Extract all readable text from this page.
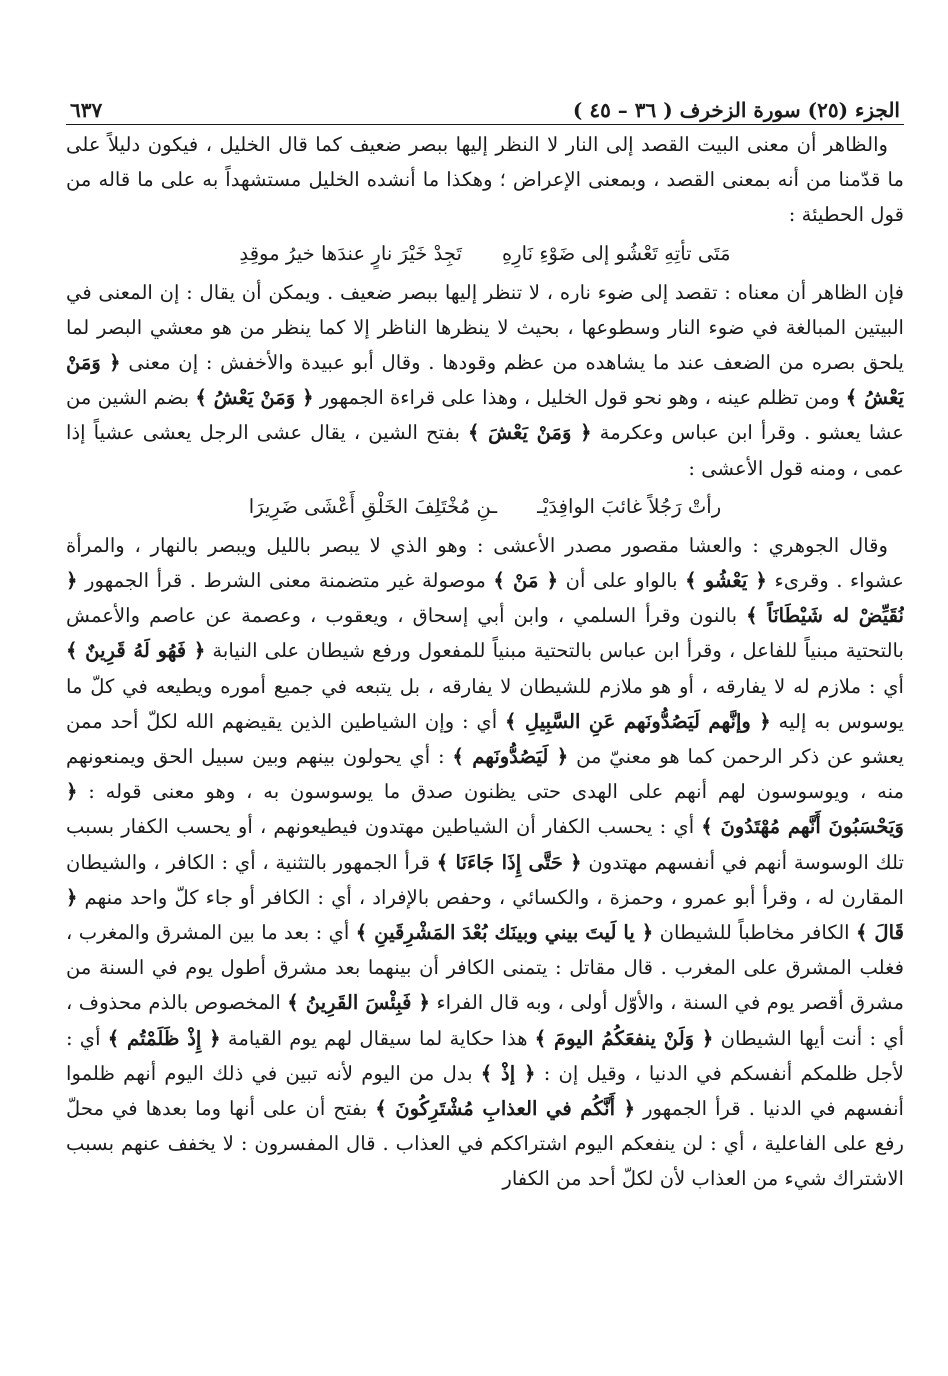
الجزء (٢٥) سورة الزخرف ( ٣٦ – ٤٥ )
٦٣٧

والظاهر أن معنى البيت القصد إلى النار لا النظر إليها ببصر ضعيف كما قال الخليل ، فيكون دليلاً على ما قدّمنا من أنه بمعنى القصد ، وبمعنى الإعراض ؛ وهكذا ما أنشده الخليل مستشهداً به على ما قاله من قول الحطيئة :

مَتَى تأتِهِ تَعْشُو إلى ضَوْءِ نَارِهِ
تَجِدْ خَيْرَ نارٍ عندَها خيرُ موقِدِ

فإن الظاهر أن معناه : تقصد إلى ضوء ناره ، لا تنظر إليها ببصر ضعيف . ويمكن أن يقال : إن المعنى في البيتين المبالغة في ضوء النار وسطوعها ، بحيث لا ينظرها الناظر إلا كما ينظر من هو معشي البصر لما يلحق بصره من الضعف عند ما يشاهده من عظم وقودها . وقال أبو عبيدة والأخفش : إن معنى ﴿ وَمَنْ يَعْشُ ﴾ ومن تظلم عينه ، وهو نحو قول الخليل ، وهذا على قراءة الجمهور ﴿ وَمَنْ يَعْشُ ﴾ بضم الشين من عشا يعشو . وقرأ ابن عباس وعكرمة ﴿ وَمَنْ يَعْشَ ﴾ بفتح الشين ، يقال عشى الرجل يعشى عشياً إذا عمى ، ومنه قول الأعشى :

رأتْ رَجُلاً غائبَ الوافِدَيْـ
ـنِ مُخْتَلِفَ الخَلْقِ أَعْشَى ضَرِيرَا

وقال الجوهري : والعشا مقصور مصدر الأعشى : وهو الذي لا يبصر بالليل ويبصر بالنهار ، والمرأة عشواء . وقرىء ﴿ يَعْشُو ﴾ بالواو على أن ﴿ مَنْ ﴾ موصولة غير متضمنة معنى الشرط . قرأ الجمهور ﴿ نُقَيِّضْ له شَيْطَانَاً ﴾ بالنون وقرأ السلمي ، وابن أبي إسحاق ، ويعقوب ، وعصمة عن عاصم والأعمش بالتحتية مبنياً للفاعل ، وقرأ ابن عباس بالتحتية مبنياً للمفعول ورفع شيطان على النيابة ﴿ فَهُو لَهُ قَرِينٌ ﴾ أي : ملازم له لا يفارقه ، أو هو ملازم للشيطان لا يفارقه ، بل يتبعه في جميع أموره ويطيعه في كلّ ما يوسوس به إليه ﴿ وإنَّهم لَيَصُدُّونَهم عَنِ السَّبِيلِ ﴾ أي : وإن الشياطين الذين يقيضهم الله لكلّ أحد ممن يعشو عن ذكر الرحمن كما هو معنيّ من ﴿ لَيَصُدُّونَهم ﴾ : أي يحولون بينهم وبين سبيل الحق ويمنعونهم منه ، ويوسوسون لهم أنهم على الهدى حتى يظنون صدق ما يوسوسون به ، وهو معنى قوله : ﴿ وَيَحْسَبُونَ أَنَّهم مُهْتَدُونَ ﴾ أي : يحسب الكفار أن الشياطين مهتدون فيطيعونهم ، أو يحسب الكفار بسبب تلك الوسوسة أنهم في أنفسهم مهتدون ﴿ حَتَّى إِذَا جَاءَنَا ﴾ قرأ الجمهور بالتثنية ، أي : الكافر ، والشيطان المقارن له ، وقرأ أبو عمرو ، وحمزة ، والكسائي ، وحفص بالإفراد ، أي : الكافر أو جاء كلّ واحد منهم ﴿ قَالَ ﴾ الكافر مخاطباً للشيطان ﴿ يا لَيتَ بيني وبينَك بُعْدَ المَشْرِقَينِ ﴾ أي : بعد ما بين المشرق والمغرب ، فغلب المشرق على المغرب . قال مقاتل : يتمنى الكافر أن بينهما بعد مشرق أطول يوم في السنة من مشرق أقصر يوم في السنة ، والأوّل أولى ، وبه قال الفراء ﴿ فَبِئْسَ القَرِينُ ﴾ المخصوص بالذم محذوف ، أي : أنت أيها الشيطان ﴿ وَلَنْ ينفعَكُمُ اليومَ ﴾ هذا حكاية لما سيقال لهم يوم القيامة ﴿ إِذْ ظَلَمْتُم ﴾ أي : لأجل ظلمكم أنفسكم في الدنيا ، وقيل إن : ﴿ إذْ ﴾ بدل من اليوم لأنه تبين في ذلك اليوم أنهم ظلموا أنفسهم في الدنيا . قرأ الجمهور ﴿ أَنَّكُم في العذابِ مُشْتَرِكُونَ ﴾ بفتح أن على أنها وما بعدها في محلّ رفع على الفاعلية ، أي : لن ينفعكم اليوم اشتراككم في العذاب . قال المفسرون : لا يخفف عنهم بسبب الاشتراك شيء من العذاب لأن لكلّ أحد من الكفار
